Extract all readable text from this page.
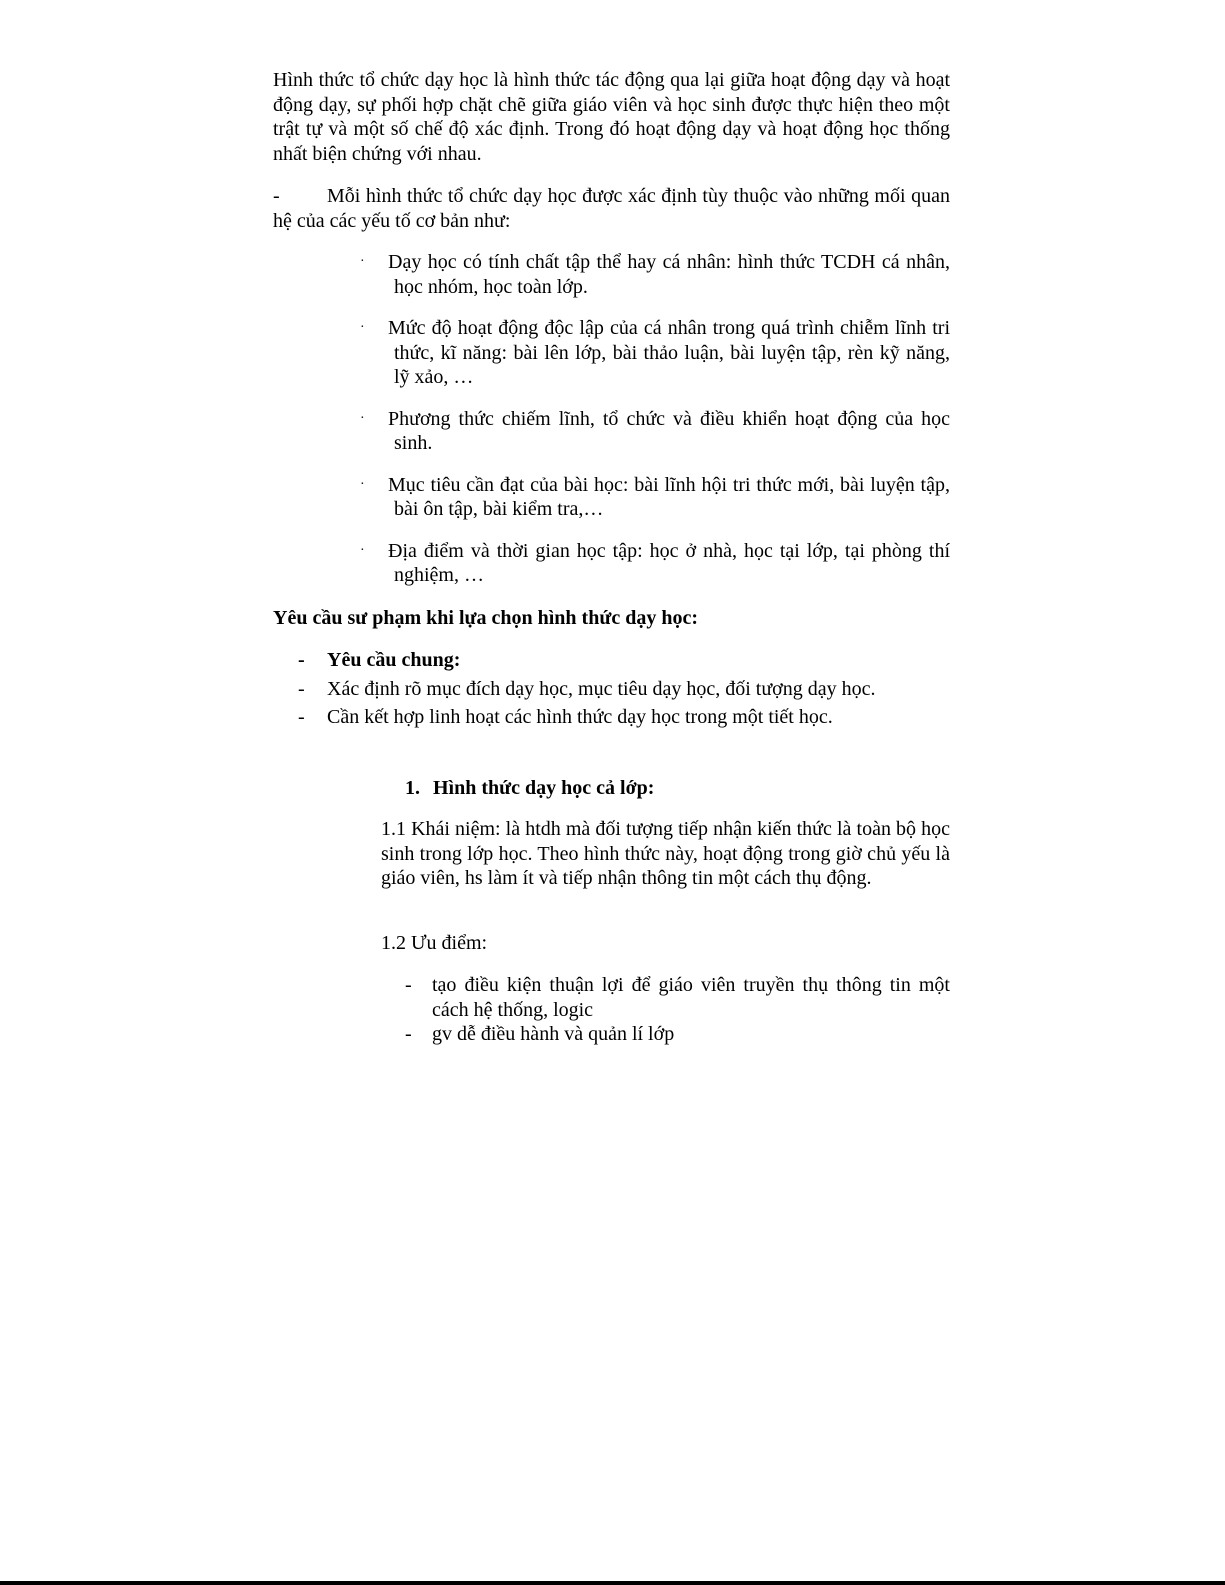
Hình thức tổ chức dạy học là hình thức tác động qua lại giữa hoạt động dạy và hoạt động dạy, sự phối hợp chặt chẽ giữa giáo viên và học sinh được thực hiện theo một trật tự và một số chế độ xác định. Trong đó hoạt động dạy và hoạt động học thống nhất biện chứng với nhau.

- Mỗi hình thức tổ chức dạy học được xác định tùy thuộc vào những mối quan hệ của các yếu tố cơ bản như:

· Dạy học có tính chất tập thể hay cá nhân: hình thức TCDH cá nhân, học nhóm, học toàn lớp.
· Mức độ hoạt động độc lập của cá nhân trong quá trình chiễm lĩnh tri thức, kĩ năng: bài lên lớp, bài thảo luận, bài luyện tập, rèn kỹ năng, lỹ xảo, …
· Phương thức chiếm lĩnh, tổ chức và điều khiển hoạt động của học sinh.
· Mục tiêu cần đạt của bài học: bài lĩnh hội tri thức mới, bài luyện tập, bài ôn tập, bài kiểm tra,…
· Địa điểm và thời gian học tập: học ở nhà, học tại lớp, tại phòng thí nghiệm, …

Yêu cầu sư phạm khi lựa chọn hình thức dạy học:

- Yêu cầu chung:
- Xác định rõ mục đích dạy học, mục tiêu dạy học, đối tượng dạy học.
- Cần kết hợp linh hoạt các hình thức dạy học trong một tiết học.

1. Hình thức dạy học cả lớp:

1.1 Khái niệm: là htdh mà đối tượng tiếp nhận kiến thức là toàn bộ học sinh trong lớp học. Theo hình thức này, hoạt động trong giờ chủ yếu là giáo viên, hs làm ít và tiếp nhận thông tin một cách thụ động.

1.2 Ưu điểm:

- tạo điều kiện thuận lợi để giáo viên truyền thụ thông tin một cách hệ thống, logic
- gv dễ điều hành và quản lí lớp
